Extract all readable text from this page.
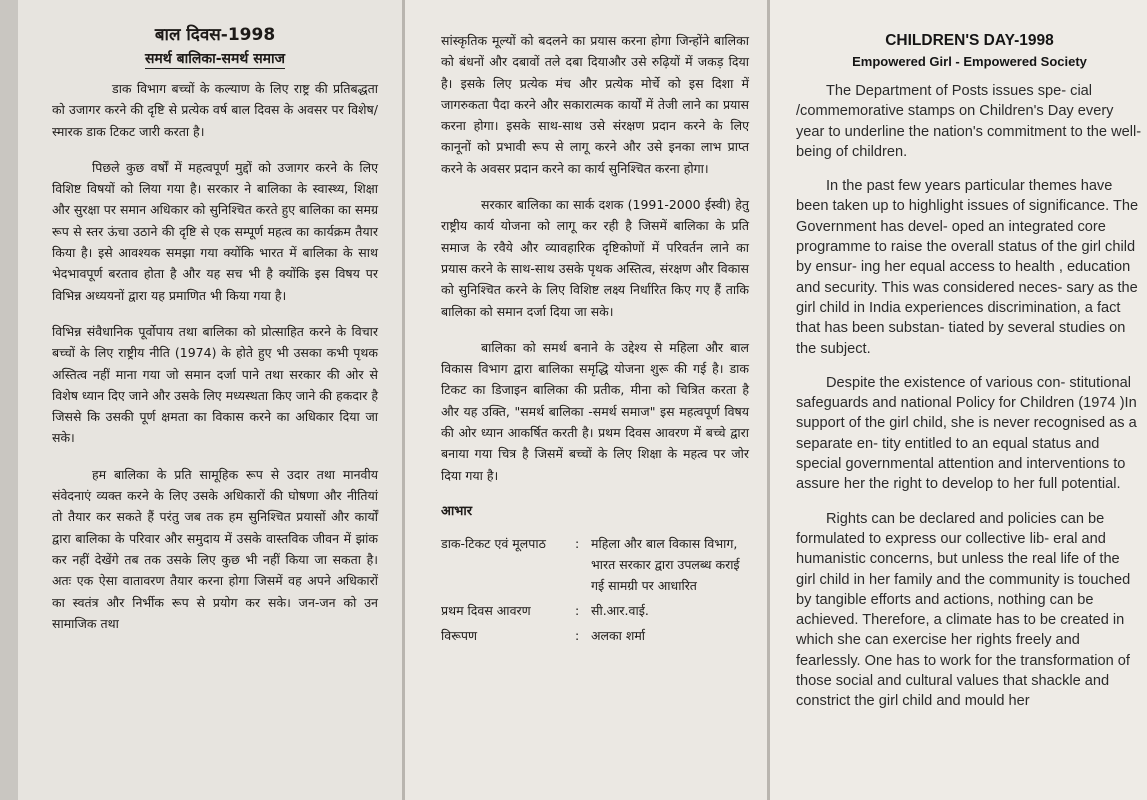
बाल दिवस-1998
समर्थ बालिका-समर्थ समाज

डाक विभाग बच्चों के कल्याण के लिए राष्ट्र की प्रतिबद्धता को उजागर करने की दृष्टि से प्रत्येक वर्ष बाल दिवस के अवसर पर विशेष/स्मारक डाक टिकट जारी करता है।

पिछले कुछ वर्षों में महत्वपूर्ण मुद्दों को उजागर करने के लिए विशिष्ट विषयों को लिया गया है। सरकार ने बालिका के स्वास्थ्य, शिक्षा और सुरक्षा पर समान अधिकार को सुनिश्चित करते हुए बालिका का समग्र रूप से स्तर ऊंचा उठाने की दृष्टि से एक सम्पूर्ण महत्व का कार्यक्रम तैयार किया है। इसे आवश्यक समझा गया क्योंकि भारत में बालिका के साथ भेदभावपूर्ण बरताव होता है और यह सच भी है क्योंकि इस विषय पर विभिन्न अध्ययनों द्वारा यह प्रमाणित भी किया गया है।

विभिन्न संवैधानिक पूर्वोपाय तथा बालिका को प्रोत्साहित करने के विचार बच्चों के लिए राष्ट्रीय नीति (1974) के होते हुए भी उसका कभी पृथक अस्तित्व नहीं माना गया जो समान दर्जा पाने तथा सरकार की ओर से विशेष ध्यान दिए जाने और उसके लिए मध्यस्थता किए जाने की हकदार है जिससे कि उसकी पूर्ण क्षमता का विकास करने का अधिकार दिया जा सके।

हम बालिका के प्रति सामूहिक रूप से उदार तथा मानवीय संवेदनाएं व्यक्त करने के लिए उसके अधिकारों की घोषणा और नीतियां तो तैयार कर सकते हैं परंतु जब तक हम सुनिश्चित प्रयासों और कार्यों द्वारा बालिका के परिवार और समुदाय में उसके वास्तविक जीवन में झांक कर नहीं देखेंगे तब तक उसके लिए कुछ भी नहीं किया जा सकता है। अतः एक ऐसा वातावरण तैयार करना होगा जिसमें वह अपने अधिकारों का स्वतंत्र और निर्भीक रूप से प्रयोग कर सके। जन-जन को उन सामाजिक तथा

सांस्कृतिक मूल्यों को बदलने का प्रयास करना होगा जिन्होंने बालिका को बंधनों और दबावों तले दबा दियाऔर उसे रुढ़ियों में जकड़ दिया है। इसके लिए प्रत्येक मंच और प्रत्येक मोर्चे को इस दिशा में जागरुकता पैदा करने और सकारात्मक कार्यों में तेजी लाने का प्रयास करना होगा। इसके साथ-साथ उसे संरक्षण प्रदान करने के लिए कानूनों को प्रभावी रूप से लागू करने और उसे इनका लाभ प्राप्त करने के अवसर प्रदान करने का कार्य सुनिश्चित करना होगा।

सरकार बालिका का सार्क दशक (1991-2000 ईस्वी) हेतु राष्ट्रीय कार्य योजना को लागू कर रही है जिसमें बालिका के प्रति समाज के रवैये और व्यावहारिक दृष्टिकोणों में परिवर्तन लाने का प्रयास करने के साथ-साथ उसके पृथक अस्तित्व, संरक्षण और विकास को सुनिश्चित करने के लिए विशिष्ट लक्ष्य निर्धारित किए गए हैं ताकि बालिका को समान दर्जा दिया जा सके।

बालिका को समर्थ बनाने के उद्देश्य से महिला और बाल विकास विभाग द्वारा बालिका समृद्धि योजना शुरू की गई है। डाक टिकट का डिजाइन बालिका की प्रतीक, मीना को चित्रित करता है और यह उक्ति, "समर्थ बालिका -समर्थ समाज" इस महत्वपूर्ण विषय की ओर ध्यान आकर्षित करती है। प्रथम दिवस आवरण में बच्चे द्वारा बनाया गया चित्र है जिसमें बच्चों के लिए शिक्षा के महत्व पर जोर दिया गया है।

आभार
डाक-टिकट एवं मूलपाठ	: महिला और बाल विकास विभाग, भारत सरकार द्वारा उपलब्ध कराई गई सामग्री पर आधारित
प्रथम दिवस आवरण	: सी.आर.वाई.
विरूपण	: अलका शर्मा
CHILDREN'S DAY-1998
Empowered Girl - Empowered Society

The Department of Posts issues spe- cial /commemorative stamps on Children's Day every year to underline the nation's commitment to the well- being of children.

In the past few years particular themes have been taken up to highlight issues of significance. The Government has devel- oped an integrated core programme to raise the overall status of the girl child by ensur- ing her equal access to health , education and security. This was considered neces- sary as the girl child in India experiences discrimination, a fact that has been substan- tiated by several studies on the subject.

Despite the existence of various con- stitutional safeguards and national Policy for Children (1974 )In support of the girl child, she is never recognised as a separate en- tity entitled to an equal status and special governmental attention and interventions to assure her the right to develop to her full potential.

Rights can be declared and policies can be formulated to express our collective lib- eral and humanistic concerns, but unless the real life of the girl child in her family and the community is touched by tangible efforts and actions, nothing can be achieved. Therefore, a climate has to be created in which she can exercise her rights freely and fearlessly. One has to work for the transformation of those social and cultural values that shackle and constrict the girl child and mould her
